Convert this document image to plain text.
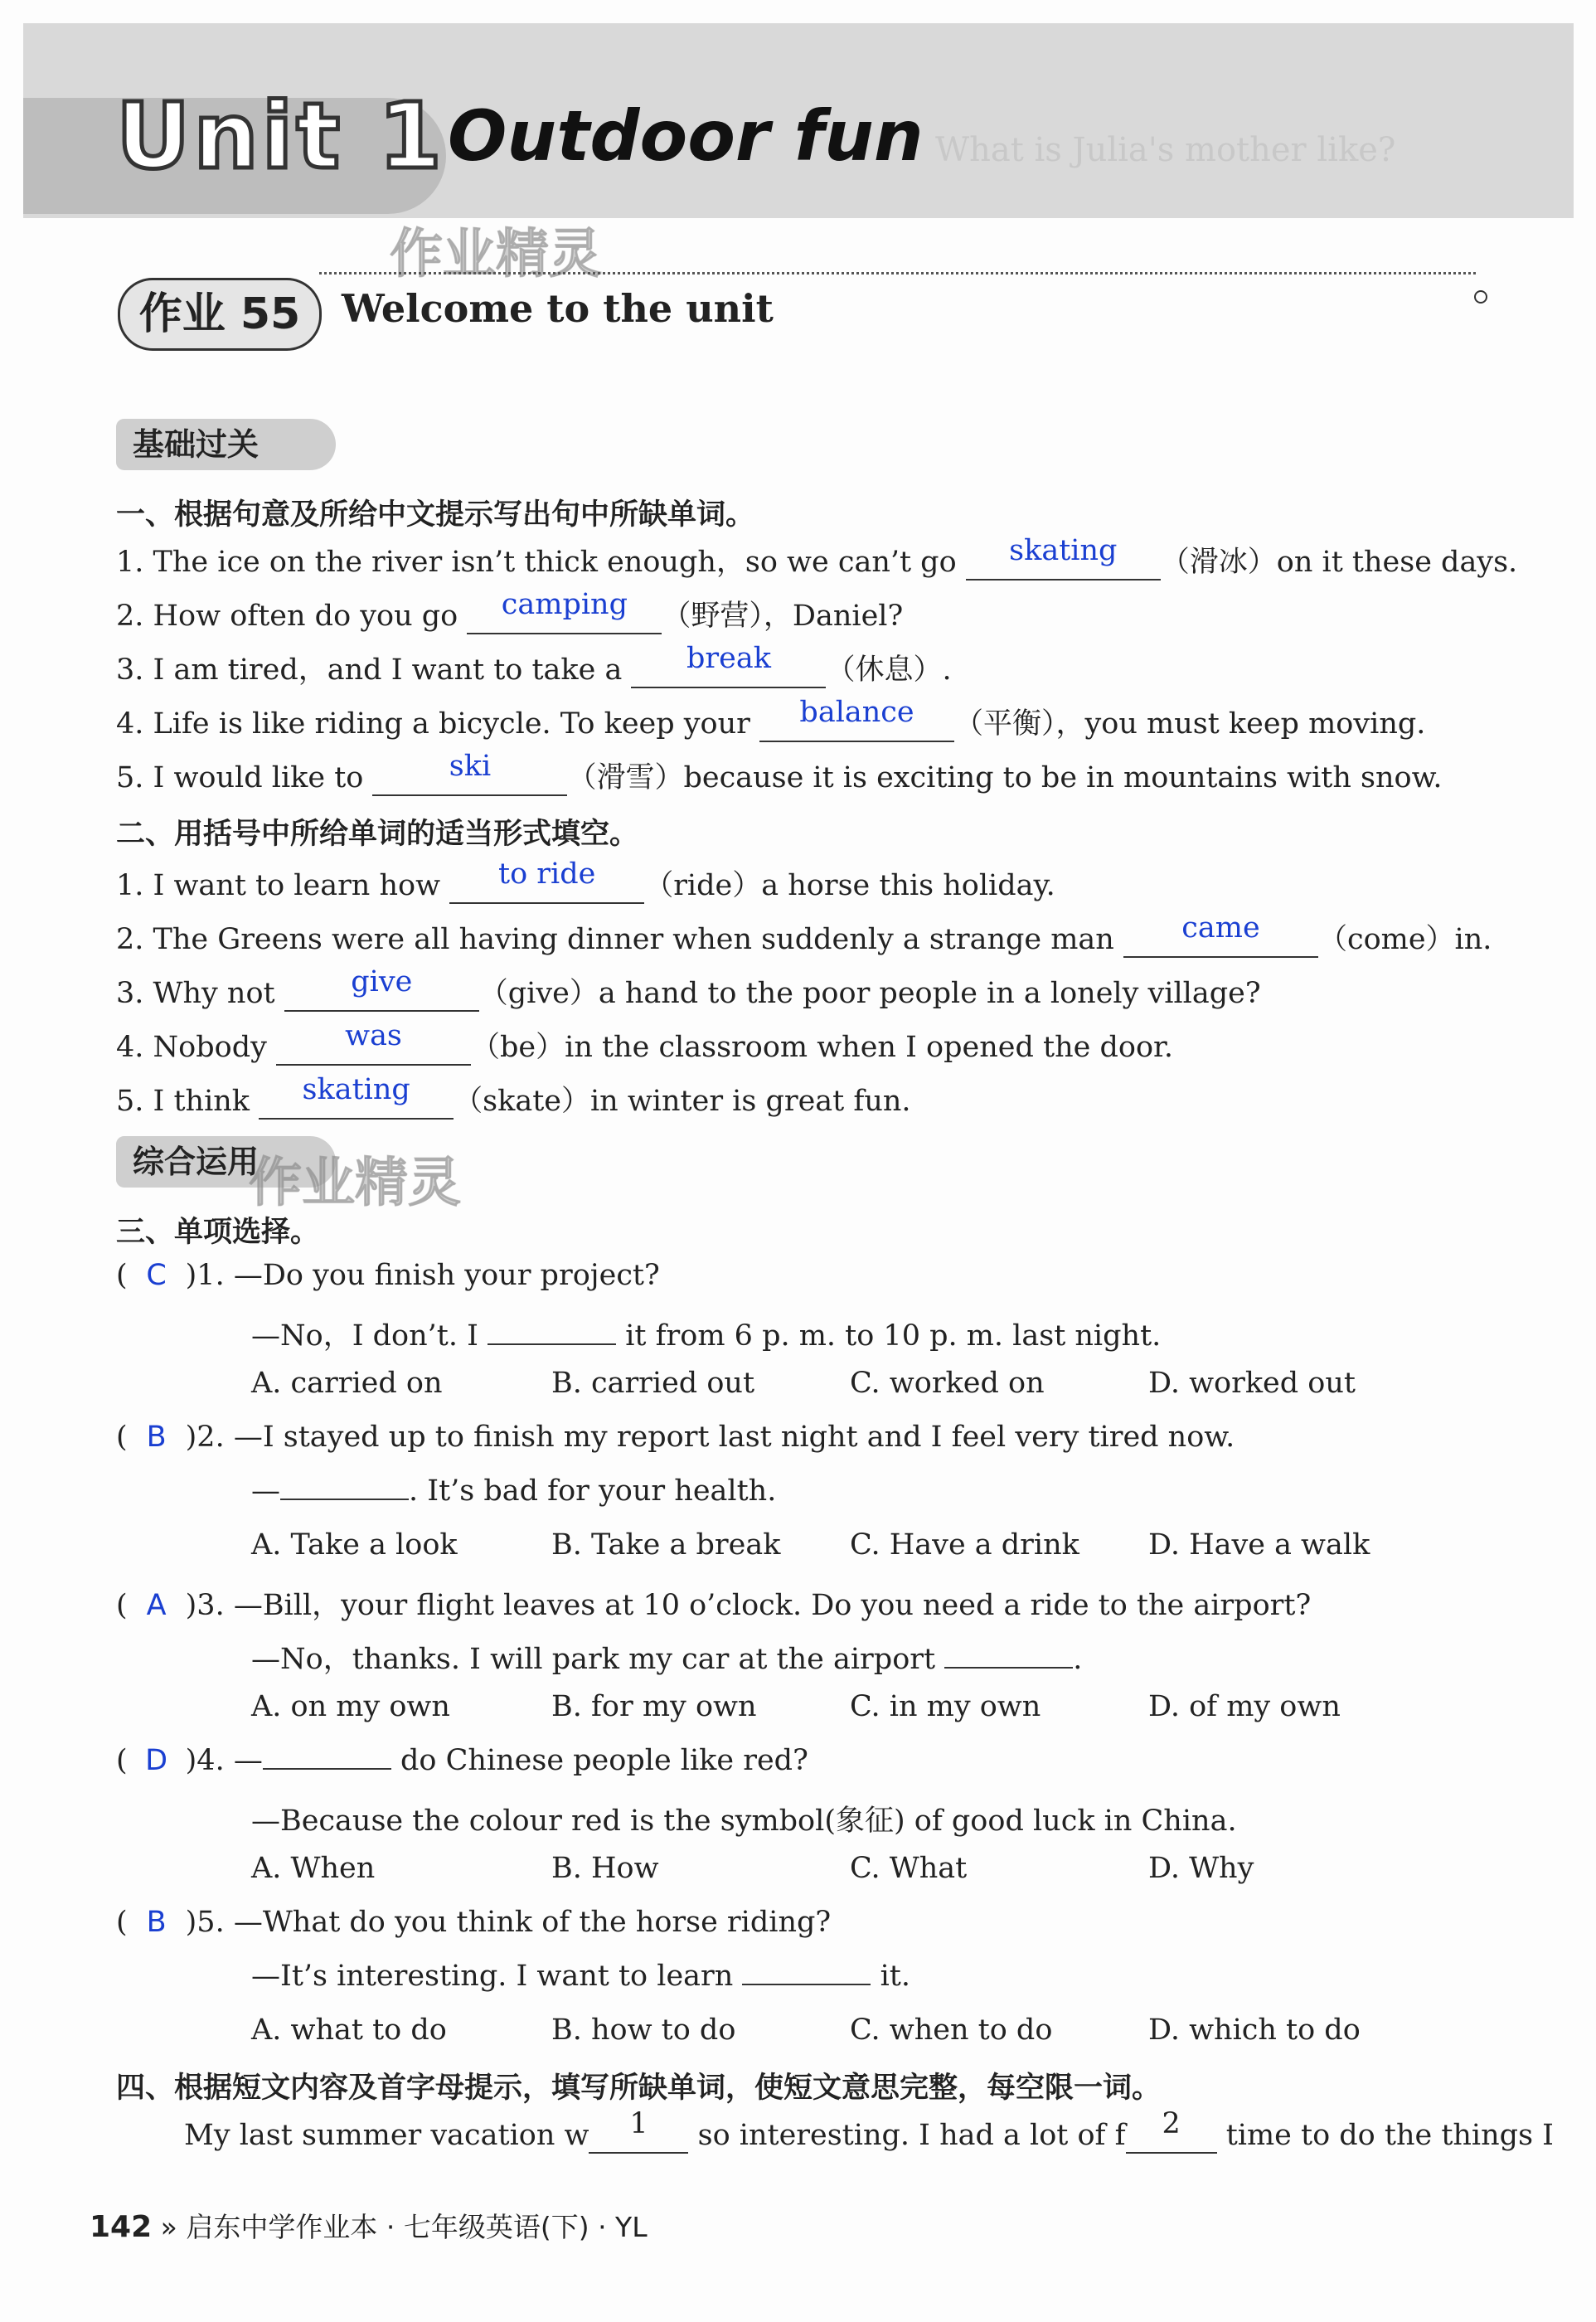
What is Julia's mother like?
Unit 1 Outdoor fun
作业精灵
作业 55	Welcome to the unit
基础过关
一、根据句意及所给中文提示写出句中所缺单词。
1. The ice on the river isn’t thick enough，so we can’t go skating （滑冰）on it these days.
2. How often do you go camping （野营），Daniel?
3. I am tired，and I want to take a break （休息）.
4. Life is like riding a bicycle. To keep your balance （平衡），you must keep moving.
5. I would like to	ski	（滑雪）because it is exciting to be in mountains with snow.
二、用括号中所给单词的适当形式填空。
1. I want to learn how to ride （ride）a horse this holiday.
2. The Greens were all having dinner when suddenly a strange man came （come）in.
3. Why not	give （give）a hand to the poor people in a lonely village?
4. Nobody	was （be）in the classroom when I opened the door.
5. I think skating （skate）in winter is great fun.
综合运用
作业精灵
三、单项选择。
( C )1. —Do you finish your project?
—No，I don’t. I	it from 6 p. m. to 10 p. m. last night.
A. carried on	B. carried out	C. worked on	D. worked out
( B )2. —I stayed up to finish my report last night and I feel very tired now.
—	. It’s bad for your health.
A. Take a look	B. Take a break C. Have a drink D. Have a walk
( A )3. —Bill，your flight leaves at 10 o’clock. Do you need a ride to the airport?
—No，thanks. I will park my car at the airport	.
A. on my own	B. for my own	C. in my own	D. of my own
( D )4. —	do Chinese people like red?
—Because the colour red is the symbol(象征) of good luck in China.
A. When	B. How	C. What	D. Why
( B )5. —What do you think of the horse riding?
—It’s interesting. I want to learn	it.
A. what to do	B. how to do	C. when to do	D. which to do
四、根据短文内容及首字母提示，填写所缺单词，使短文意思完整，每空限一词。
My last summer vacation w 1 so interesting. I had a lot of f 2 time to do the things I
142 » 启东中学作业本 · 七年级英语(下) · YL
